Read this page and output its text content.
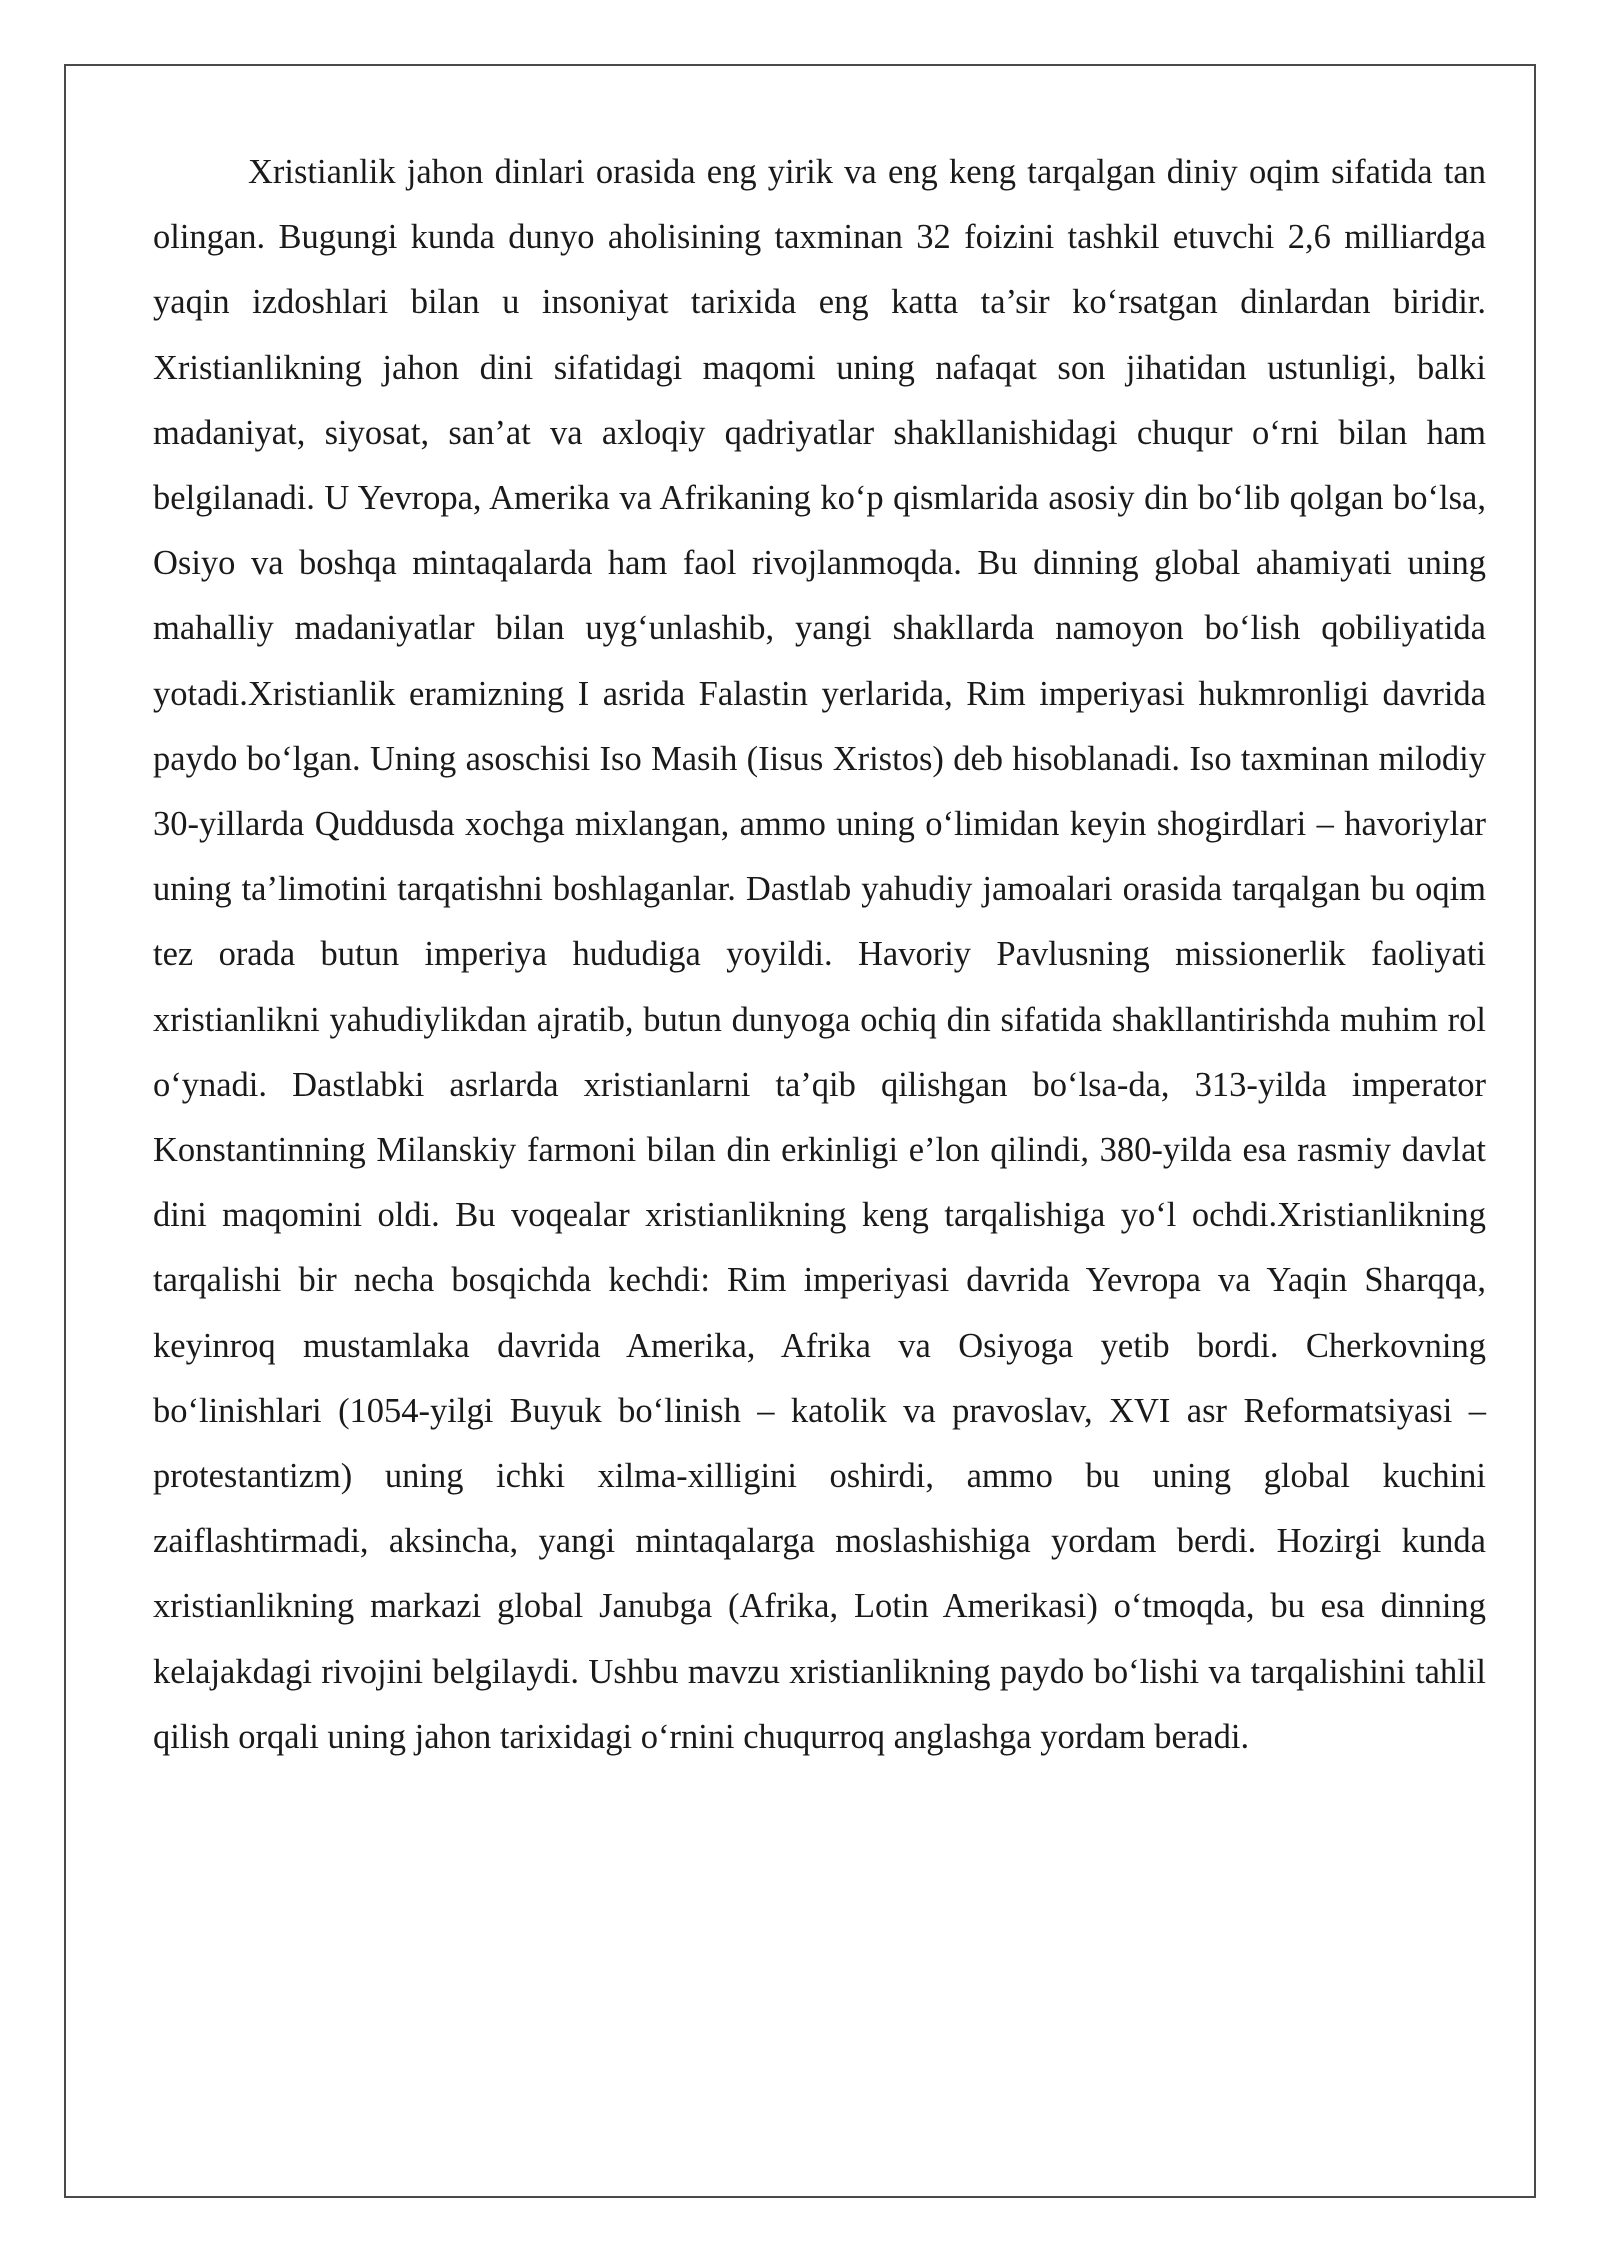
Xristianlik jahon dinlari orasida eng yirik va eng keng tarqalgan diniy oqim sifatida tan olingan. Bugungi kunda dunyo aholisining taxminan 32 foizini tashkil etuvchi 2,6 milliardga yaqin izdoshlari bilan u insoniyat tarixida eng katta ta’sir ko‘rsatgan dinlardan biridir. Xristianlikning jahon dini sifatidagi maqomi uning nafaqat son jihatidan ustunligi, balki madaniyat, siyosat, san’at va axloqiy qadriyatlar shakllanishidagi chuqur o‘rni bilan ham belgilanadi. U Yevropa, Amerika va Afrikaning ko‘p qismlarida asosiy din bo‘lib qolgan bo‘lsa, Osiyo va boshqa mintaqalarda ham faol rivojlanmoqda. Bu dinning global ahamiyati uning mahalliy madaniyatlar bilan uyg‘unlashib, yangi shakllarda namoyon bo‘lish qobiliyatida yotadi.Xristianlik eramizning I asrida Falastin yerlarida, Rim imperiyasi hukmronligi davrida paydo bo‘lgan. Uning asoschisi Iso Masih (Iisus Xristos) deb hisoblanadi. Iso taxminan milodiy 30-yillarda Quddusda xochga mixlangan, ammo uning o‘limidan keyin shogirdlari – havoriylar uning ta’limotini tarqatishni boshlaganlar. Dastlab yahudiy jamoalari orasida tarqalgan bu oqim tez orada butun imperiya hududiga yoyildi. Havoriy Pavlusning missionerlik faoliyati xristianlikni yahudiylikdan ajratib, butun dunyoga ochiq din sifatida shakllantirishda muhim rol o‘ynadi. Dastlabki asrlarda xristianlarni ta’qib qilishgan bo‘lsa-da, 313-yilda imperator Konstantinning Milanskiy farmoni bilan din erkinligi e’lon qilindi, 380-yilda esa rasmiy davlat dini maqomini oldi. Bu voqealar xristianlikning keng tarqalishiga yo‘l ochdi.Xristianlikning tarqalishi bir necha bosqichda kechdi: Rim imperiyasi davrida Yevropa va Yaqin Sharqqa, keyinroq mustamlaka davrida Amerika, Afrika va Osiyoga yetib bordi. Cherkovning bo‘linishlari (1054-yilgi Buyuk bo‘linish – katolik va pravoslav, XVI asr Reformatsiyasi – protestantizm) uning ichki xilma-xilligini oshirdi, ammo bu uning global kuchini zaiflashtirmadi, aksincha, yangi mintaqalarga moslashishiga yordam berdi. Hozirgi kunda xristianlikning markazi global Janubga (Afrika, Lotin Amerikasi) o‘tmoqda, bu esa dinning kelajakdagi rivojini belgilaydi. Ushbu mavzu xristianlikning paydo bo‘lishi va tarqalishini tahlil qilish orqali uning jahon tarixidagi o‘rnini chuqurroq anglashga yordam beradi.
